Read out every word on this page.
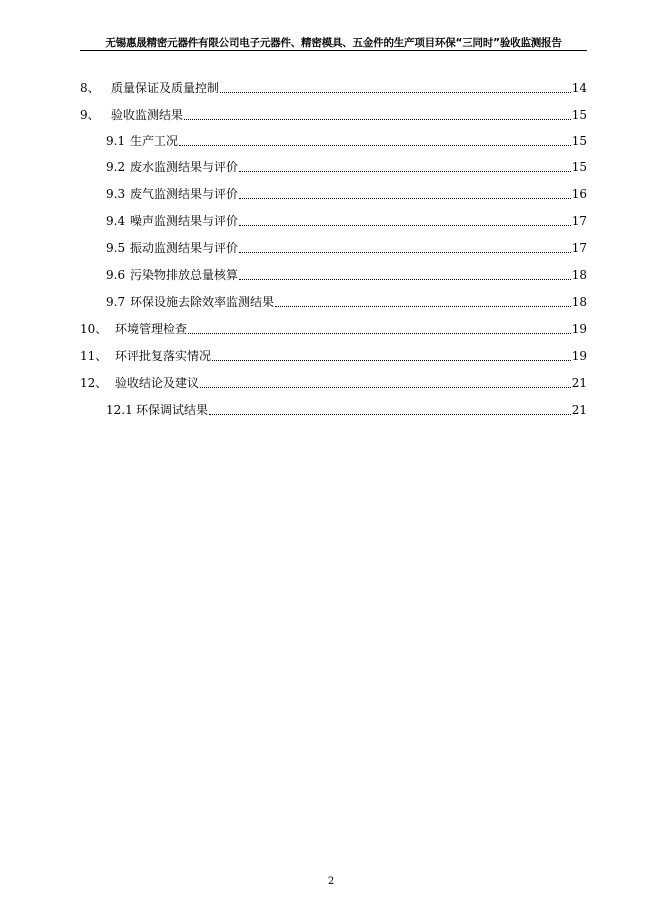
无锡惠晟精密元器件有限公司电子元器件、精密模具、五金件的生产项目环保“三同时”验收监测报告
8、 质量保证及质量控制	14
9、 验收监测结果	15
9.1 生产工况	15
9.2 废水监测结果与评价	15
9.3 废气监测结果与评价	16
9.4 噪声监测结果与评价	17
9.5 振动监测结果与评价	17
9.6 污染物排放总量核算	18
9.7 环保设施去除效率监测结果	18
10、 环境管理检查	19
11、 环评批复落实情况	19
12、 验收结论及建议	21
12.1 环保调试结果	21
2
